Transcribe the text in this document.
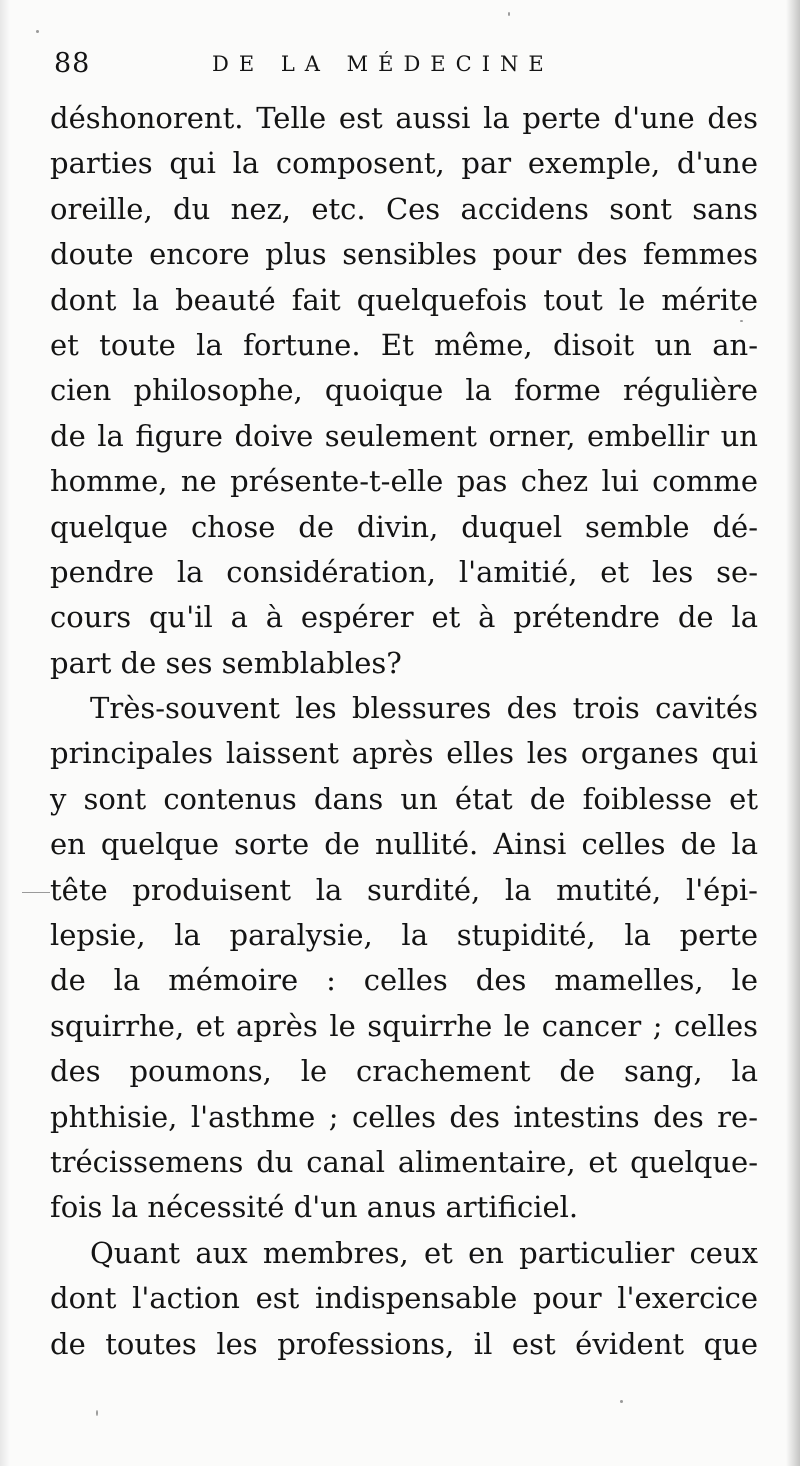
88	DE LA MÉDECINE
déshonorent. Telle est aussi la perte d'une des
parties qui la composent, par exemple, d'une
oreille, du nez, etc. Ces accidens sont sans
doute encore plus sensibles pour des femmes
dont la beauté fait quelquefois tout le mérite
et toute la fortune. Et même, disoit un an-
cien philosophe, quoique la forme régulière
de la figure doive seulement orner, embellir un
homme, ne présente-t-elle pas chez lui comme
quelque chose de divin, duquel semble dé-
pendre la considération, l'amitié, et les se-
cours qu'il a à espérer et à prétendre de la
part de ses semblables?
Très-souvent les blessures des trois cavités
principales laissent après elles les organes qui
y sont contenus dans un état de foiblesse et
en quelque sorte de nullité. Ainsi celles de la
tête produisent la surdité, la mutité, l'épi-
lepsie, la paralysie, la stupidité, la perte
de la mémoire : celles des mamelles, le
squirrhe, et après le squirrhe le cancer ; celles
des poumons, le crachement de sang, la
phthisie, l'asthme ; celles des intestins des re-
trécissemens du canal alimentaire, et quelque-
fois la nécessité d'un anus artificiel.
Quant aux membres, et en particulier ceux
dont l'action est indispensable pour l'exercice
de toutes les professions, il est évident que
